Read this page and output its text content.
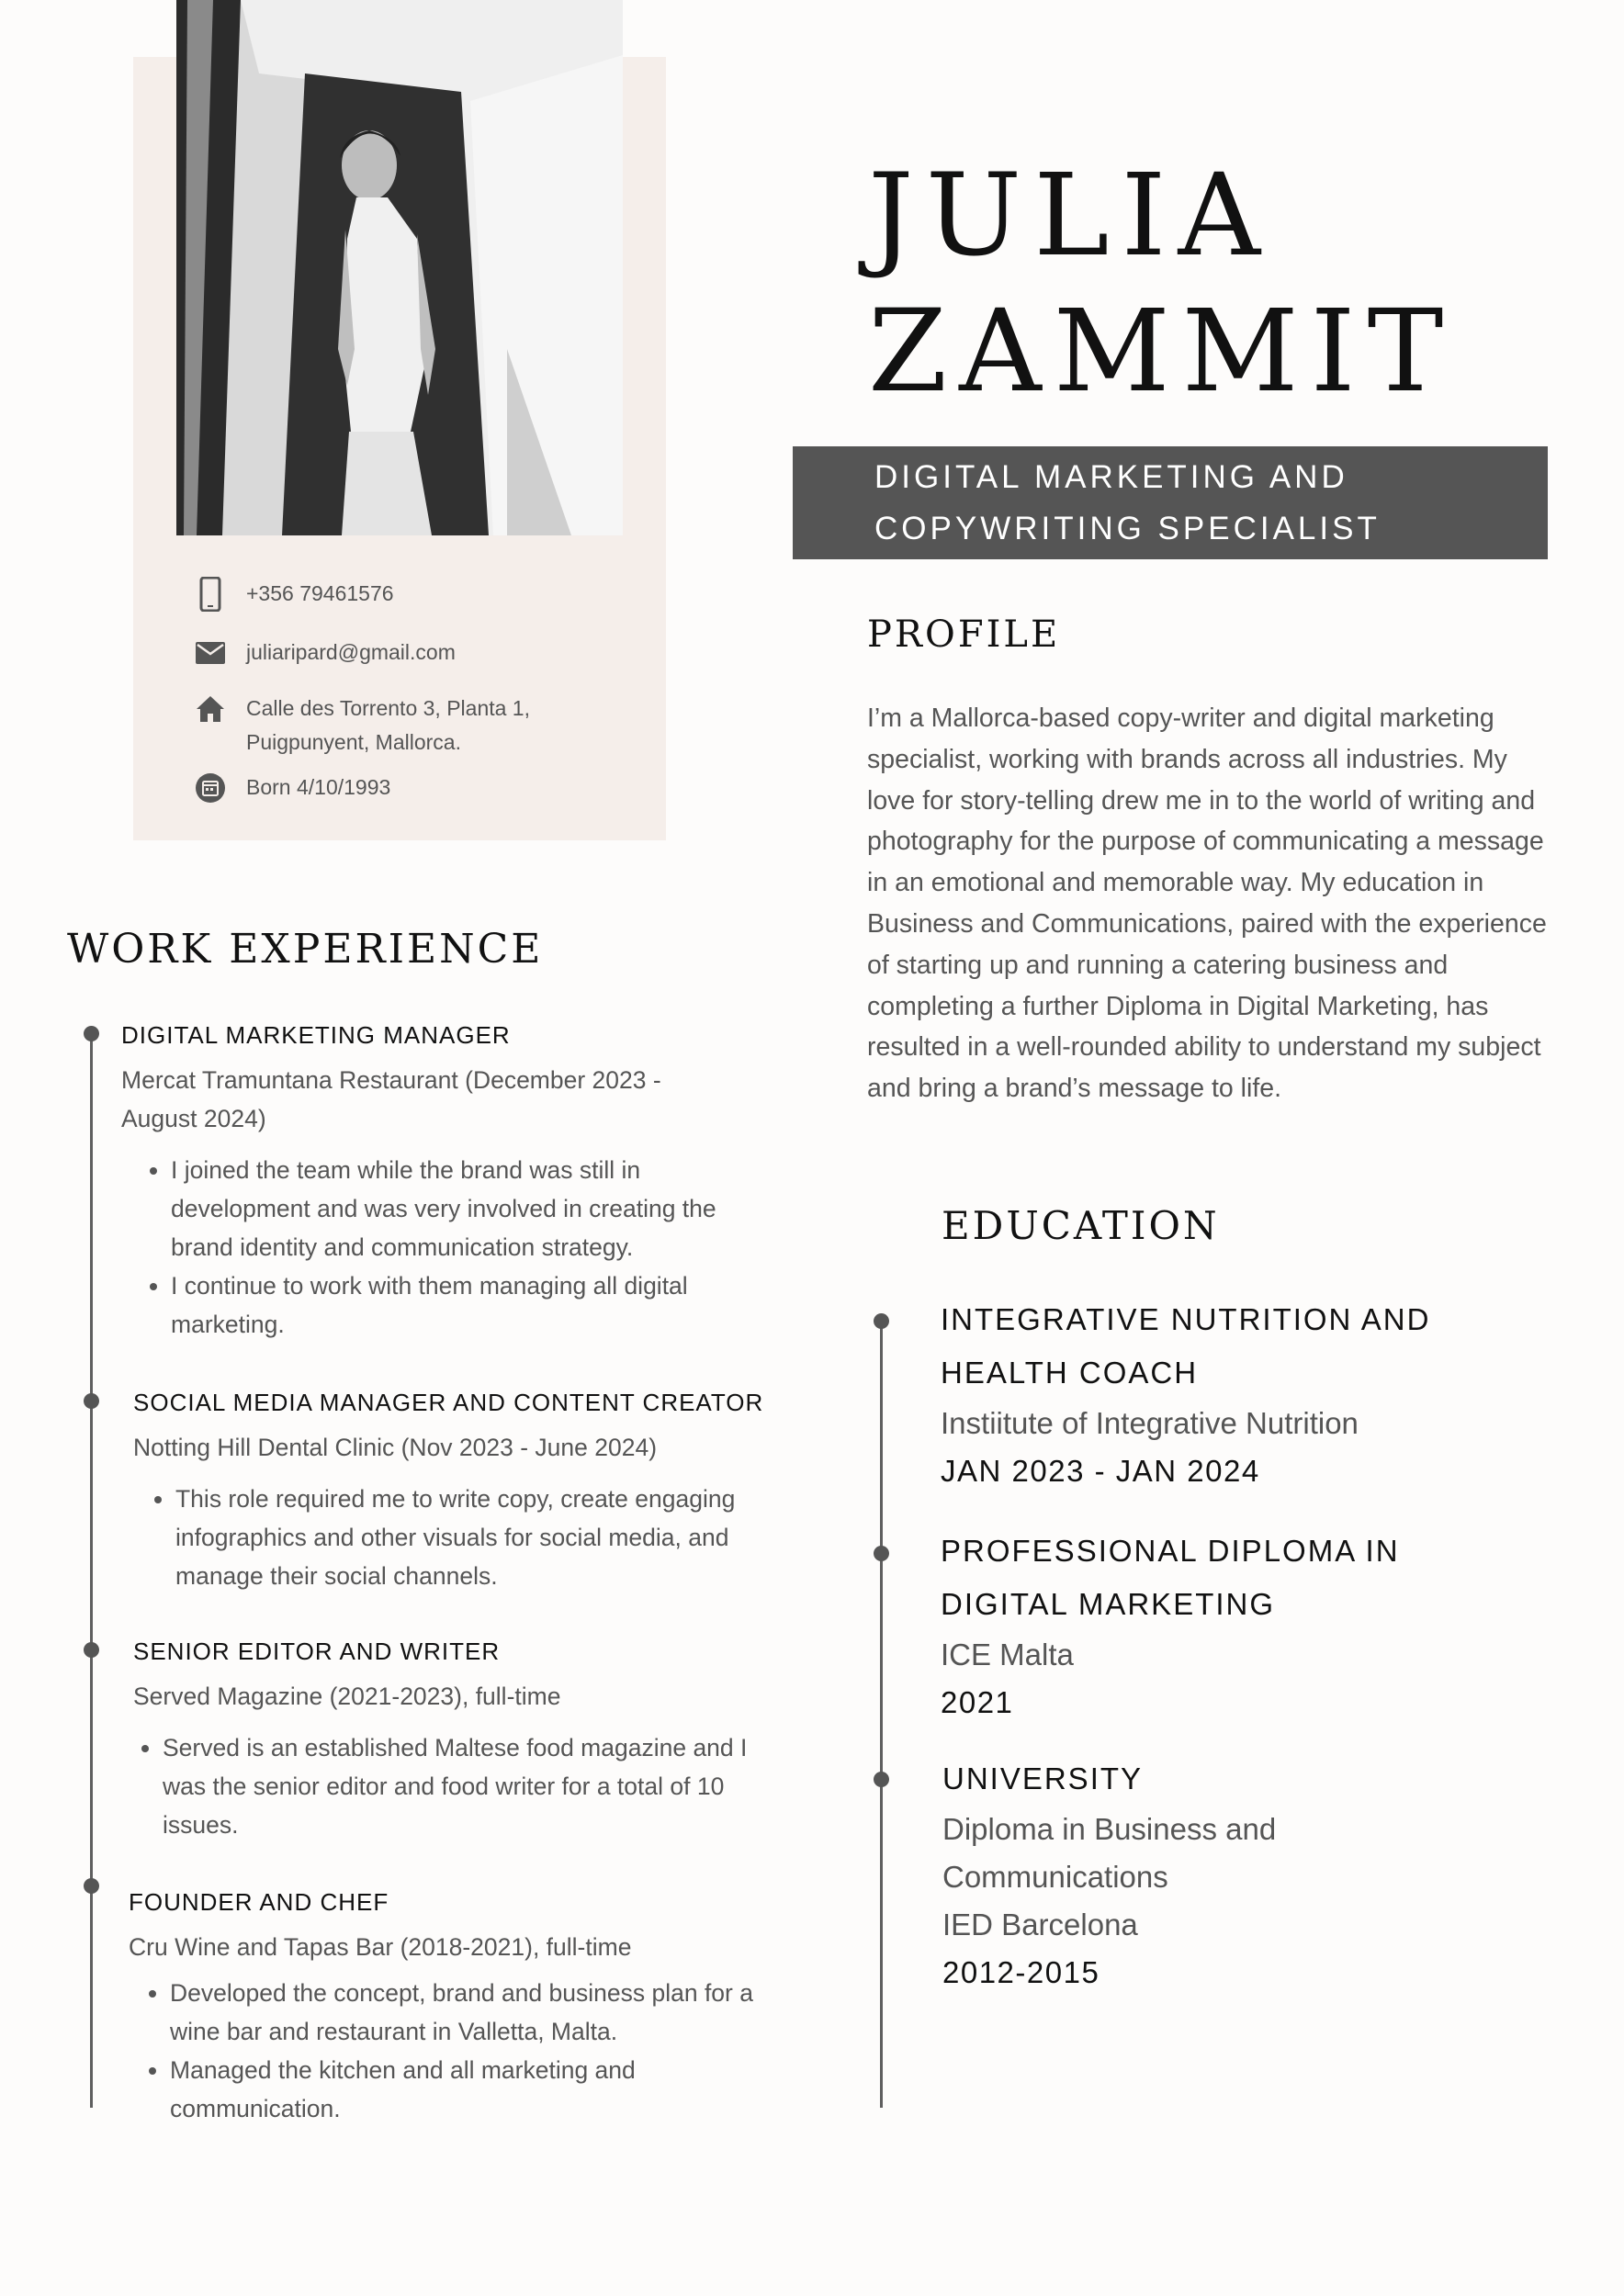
+356 79461576
juliaripard@gmail.com
Calle des Torrento 3, Planta 1,
Puigpunyent, Mallorca.
Born 4/10/1993
JULIA
ZAMMIT
DIGITAL MARKETING AND COPYWRITING SPECIALIST
PROFILE
I’m a Mallorca-based copy-writer and digital marketing specialist, working with brands across all industries. My love for story-telling drew me in to the world of writing and photography for the purpose of communicating a message in an emotional and memorable way. My education in Business and Communications, paired with the experience of starting up and running a catering business and completing a further Diploma in Digital Marketing, has resulted in a well-rounded ability to understand my subject and bring a brand’s message to life.
WORK EXPERIENCE
DIGITAL MARKETING MANAGER
Mercat Tramuntana Restaurant (December 2023 - August 2024)
• I joined the team while the brand was still in development and was very involved in creating the brand identity and communication strategy.
• I continue to work with them managing all digital marketing.
SOCIAL MEDIA MANAGER AND CONTENT CREATOR
Notting Hill Dental Clinic (Nov 2023 - June 2024)
• This role required me to write copy, create engaging infographics and other visuals for social media, and manage their social channels.
SENIOR EDITOR AND WRITER
Served Magazine (2021-2023), full-time
• Served is an established Maltese food magazine and I was the senior editor and food writer for a total of 10 issues.
FOUNDER AND CHEF
Cru Wine and Tapas Bar (2018-2021), full-time
• Developed the concept, brand and business plan for a wine bar and restaurant in Valletta, Malta.
• Managed the kitchen and all marketing and communication.
EDUCATION
INTEGRATIVE NUTRITION AND HEALTH COACH
Instiitute of Integrative Nutrition
JAN 2023 - JAN 2024
PROFESSIONAL DIPLOMA IN DIGITAL MARKETING
ICE Malta
2021
UNIVERSITY
Diploma in Business and Communications
IED Barcelona
2012-2015
